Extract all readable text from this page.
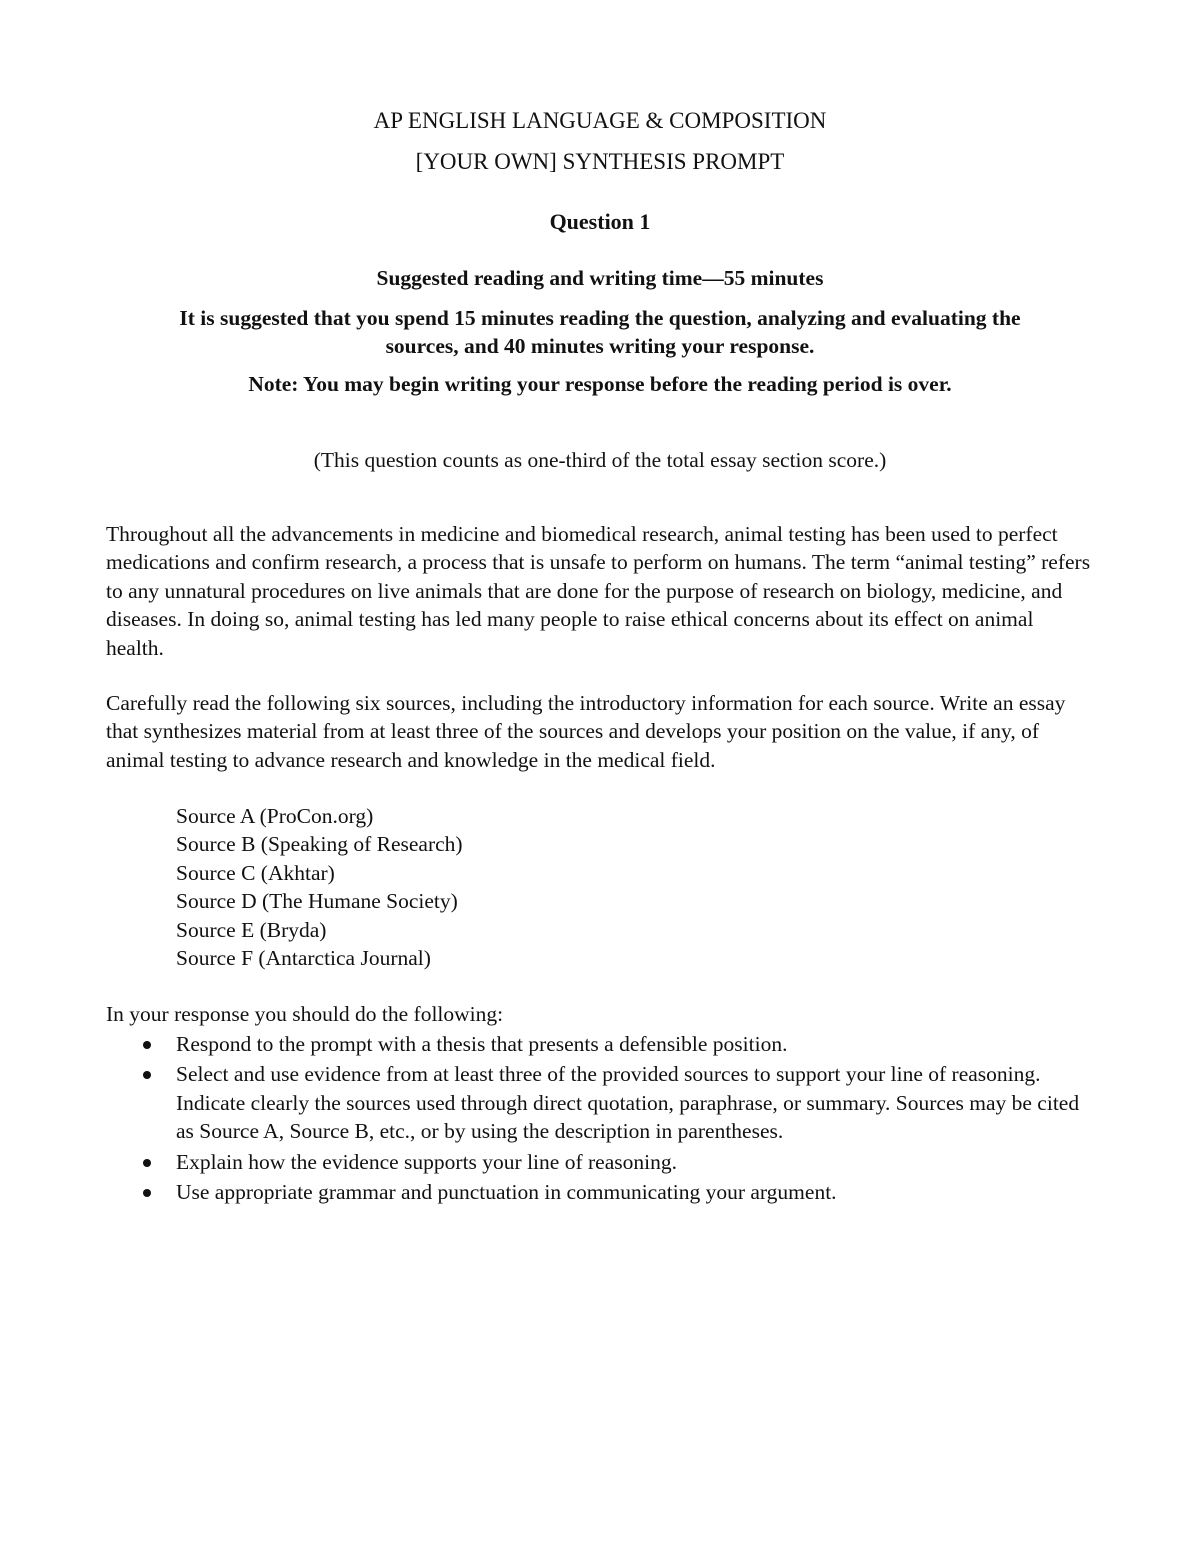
AP ENGLISH LANGUAGE & COMPOSITION

[YOUR OWN] SYNTHESIS PROMPT

Question 1

Suggested reading and writing time—55 minutes

It is suggested that you spend 15 minutes reading the question, analyzing and evaluating the

sources, and 40 minutes writing your response.

Note: You may begin writing your response before the reading period is over.

(This question counts as one-third of the total essay section score.)

Throughout all the advancements in medicine and biomedical research, animal testing has been used to perfect medications and confirm research, a process that is unsafe to perform on humans. The term “animal testing” refers to any unnatural procedures on live animals that are done for the purpose of research on biology, medicine, and diseases. In doing so, animal testing has led many people to raise ethical concerns about its effect on animal health.

Carefully read the following six sources, including the introductory information for each source. Write an essay that synthesizes material from at least three of the sources and develops your position on the value, if any, of animal testing to advance research and knowledge in the medical field.

Source A (ProCon.org)
Source B (Speaking of Research)
Source C (Akhtar)
Source D (The Humane Society)
Source E (Bryda)
Source F (Antarctica Journal)

In your response you should do the following:

Respond to the prompt with a thesis that presents a defensible position.
Select and use evidence from at least three of the provided sources to support your line of reasoning. Indicate clearly the sources used through direct quotation, paraphrase, or summary. Sources may be cited as Source A, Source B, etc., or by using the description in parentheses.
Explain how the evidence supports your line of reasoning.
Use appropriate grammar and punctuation in communicating your argument.
